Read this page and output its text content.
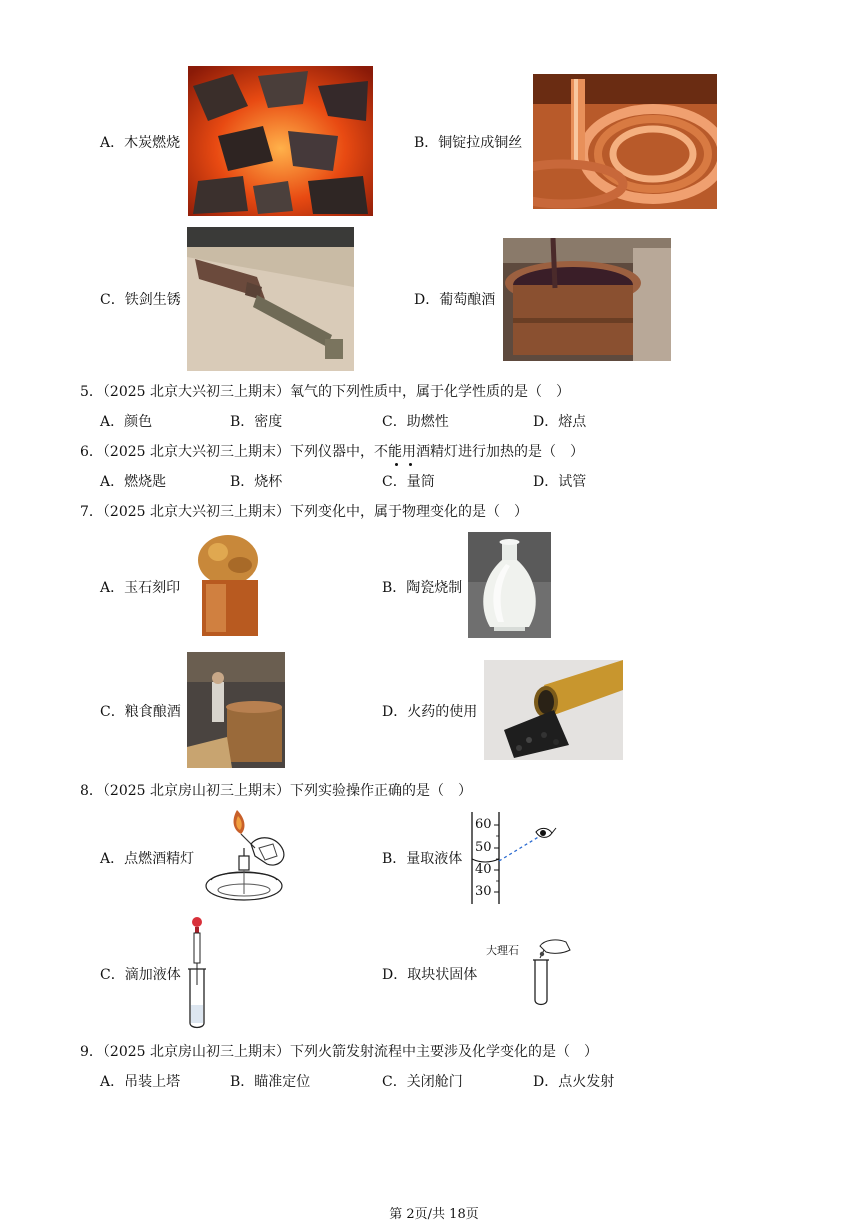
A．木炭燃烧	B．铜锭拉成铜丝
C．铁剑生锈	D．葡萄酿酒
5．（2025 北京大兴初三上期末）氧气的下列性质中，属于化学性质的是（　）
A．颜色	B．密度	C．助燃性	D．熔点
6．（2025 北京大兴初三上期末）下列仪器中，不能用酒精灯进行加热的是（　）
A．燃烧匙	B．烧杯	C．量筒	D．试管
7．（2025 北京大兴初三上期末）下列变化中，属于物理变化的是（　）
A．玉石刻印	B．陶瓷烧制
C．粮食酿酒	D．火药的使用
8．（2025 北京房山初三上期末）下列实验操作正确的是（　）
A．点燃酒精灯	B．量取液体
60
50
40
30
C．滴加液体	D．取块状固体
大理石
9．（2025 北京房山初三上期末）下列火箭发射流程中主要涉及化学变化的是（　）
A．吊装上塔	B．瞄准定位	C．关闭舱门	D．点火发射
第 2页/共 18页
